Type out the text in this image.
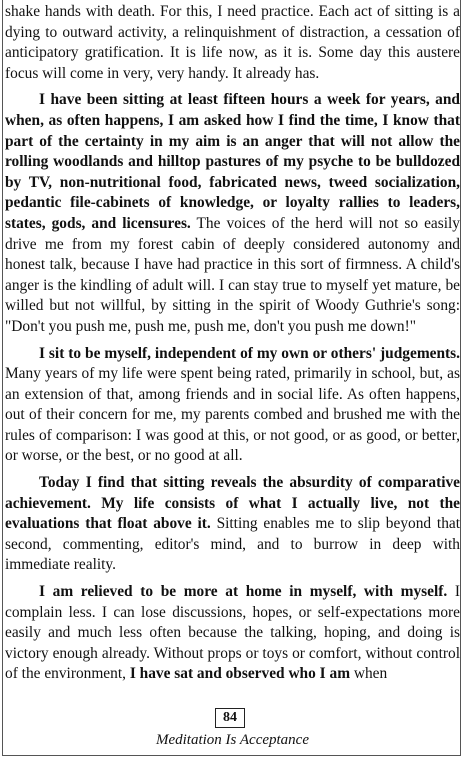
shake hands with death. For this, I need practice. Each act of sitting is a dying to outward activity, a relinquishment of distraction, a cessation of anticipatory gratification. It is life now, as it is. Some day this austere focus will come in very, very handy. It already has.

I have been sitting at least fifteen hours a week for years, and when, as often happens, I am asked how I find the time, I know that part of the certainty in my aim is an anger that will not allow the rolling woodlands and hilltop pastures of my psyche to be bulldozed by TV, non-nutritional food, fabricated news, tweed socialization, pedantic file-cabinets of knowledge, or loyalty rallies to leaders, states, gods, and licensures. The voices of the herd will not so easily drive me from my forest cabin of deeply considered autonomy and honest talk, because I have had practice in this sort of firmness. A child's anger is the kindling of adult will. I can stay true to myself yet mature, be willed but not willful, by sitting in the spirit of Woody Guthrie's song: "Don't you push me, push me, push me, don't you push me down!"

I sit to be myself, independent of my own or others' judgements. Many years of my life were spent being rated, primarily in school, but, as an extension of that, among friends and in social life. As often happens, out of their concern for me, my parents combed and brushed me with the rules of comparison: I was good at this, or not good, or as good, or better, or worse, or the best, or no good at all.

Today I find that sitting reveals the absurdity of comparative achievement. My life consists of what I actually live, not the evaluations that float above it. Sitting enables me to slip beyond that second, commenting, editor's mind, and to burrow in deep with immediate reality.

I am relieved to be more at home in myself, with myself. I complain less. I can lose discussions, hopes, or self-expectations more easily and much less often because the talking, hoping, and doing is victory enough already. Without props or toys or comfort, without control of the environment, I have sat and observed who I am when

84
Meditation Is Acceptance
